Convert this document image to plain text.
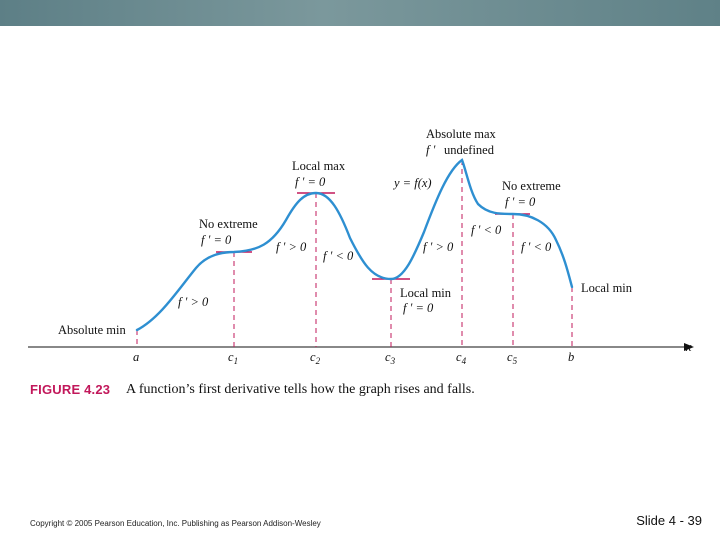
x
a	$c_1$	$c_2$	$c_3$	$c_4$	$c_5$	b
Absolute min
No extreme
f ′ = 0
Local max
f ′ = 0
Local min
f ′ = 0
Absolute max
f ′ undefined
y = f(x)	No extreme
f ′ = 0
Local min
f ′ > 0
f ′ > 0
f ′ < 0
f ′ > 0
f ′ < 0
f ′ < 0
FIGURE 4.23 A function’s first derivative tells how the graph rises and falls.
Copyright © 2005 Pearson Education, Inc. Publishing as Pearson Addison-Wesley	Slide 4 - 39
